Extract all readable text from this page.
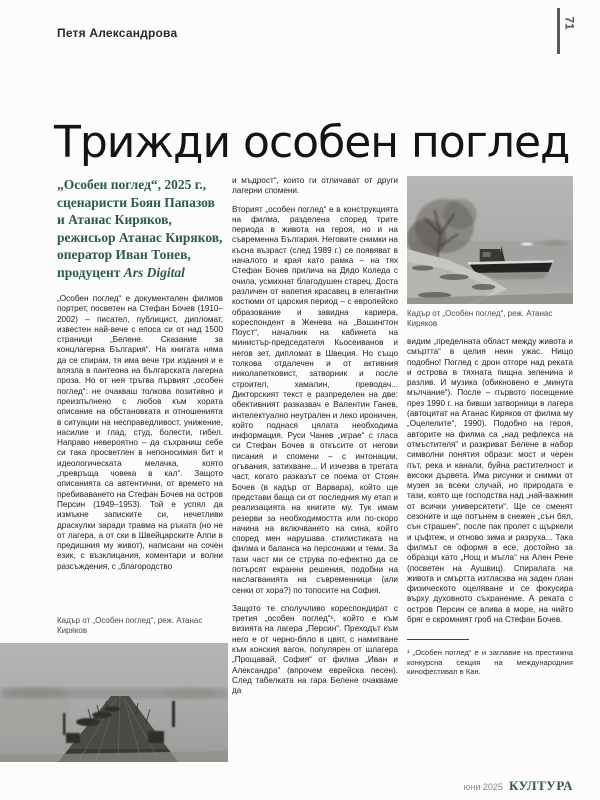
Петя Александрова
71
Трижди особен поглед

„Особен поглед“, 2025 г., сценаристи Боян Папазов и Атанас Киряков, режисьор Атанас Киряков, оператор Иван Тонев, продуцент Ars Digital

„Особен поглед“ е документален филмов портрет, посветен на Стефан Бочев (1910–2002) – писател, публицист, дипломат, известен най-вече с епоса си от над 1500 страници „Белене. Сказание за концлагерна България“. На книгата няма да се спирам, тя има вече три издания и е влязла в пантеона на българската лагерна проза. Но от нея тръгва първият „особен поглед“: не очакваш толкова позитивно и преизпълнено с любов към хората описание на обстановката и отношенията в ситуации на несправедливост, унижение, насилие и глад, студ, болести, гибел. Направо невероятно – да съхраниш себе си така просветлен в непоносимия бит и идеологическата мелачка, която „превръща човека в кал“. Защото описанията са автентични, от времето на пребиваването на Стефан Бочев на остров Персин (1949–1953). Той е успял да измъкне записките си, нечетливи драскулки заради травма на ръката (но не от лагера, а от ски в Швейцарските Алпи в предишния му живот), написани на сочен език, с възклицания, коментари и волни разсъждения, с „благородство

и мъдрост“, които ги отличават от други лагерни спомени.

Вторият „особен поглед“ е в конструкцията на филма, разделена според трите периода в живота на героя, но и на съвременна България. Неговите снимки на късна възраст (след 1989 г.) се появяват в началото и края като рамка – на тях Стефан Бочев прилича на Дядо Коледа с очила, усмихнат благодушен старец. Доста различен от напетия красавец в елегантни костюми от царския период – с европейско образование и завидна кариера, кореспондент в Женева на „Вашингтон Поуст“, началник на кабинета на министър-председателя Кьосеиванов и негов зет, дипломат в Швеция. Но също толкова отдалечен и от активния николапетковист, затворник и после строител, хамалин, преводач... Дикторският текст е разпределен на две: обективният разказвач е Валентин Ганев, интелектуално неутрален и леко ироничен, който поднася цялата необходима информация. Руси Чанев „играе“ с гласа си Стефан Бочев в откъсите от негови писания и спомени – с интонации, огъвания, затихване... И изчезва в третата част, когато разказът се поема от Стоян Бочев (в кадър от Варвара), който ще представи баща си от последния му етап и реализацията на книгите му. Тук имам резерви за необходимостта или по-скоро начина на включването на сина, който според мен нарушава стилистиката на филма и баланса на персонажи и теми. За тази част ми се струва по-ефектно да се потърсят екранни решения, подобни на наслагванията на съвременници (или сенки от хора?) по топосите на София.

Защото те сполучливо кореспондират с третия „особен поглед“¹, който е към визията на лагера „Персин“. Преходът към него е от черно-бяло в цвят, с намигване към конския вагон, популярен от шлагера „Прощавай, София“ от филма „Иван и Александра“ (впрочем еврейска песен). След табелката на гара Белене очакваме да

Кадър от „Особен поглед“, реж. Атанас Киряков

видим „пределната област между живота и смъртта“ в целия неин ужас. Нищо подобно! Поглед с дрон отгоре над реката и острова в тяхната пищна зеленина и разлив. И музика (обикновено е „минута мълчание“). После – първото посещение през 1990 г. на бивши затворници в лагера (автоцитат на Атанас Киряков от филма му „Оцелелите“, 1990). Подобно на героя, авторите на филма са „над рефлекса на отмъстителя“ и разкриват Белене в набор символни понятия образи: мост и черен път, река и канали, буйна растителност и високи дървета. Има рисунки и снимки от музея за всеки случай, но природата е тази, която ще господства над „най-важния от всички университети“. Ще се сменят сезоните и ще потънем в снежен „сън бял, сън страшен“, после пак пролет с щъркели и цъфтеж, и отново зима и разруха... Така филмът се оформя в есе, достойно за образци като „Нощ и мъгла“ на Ален Рене (посветен на Аушвиц). Спиралата на живота и смъртта изтласква на заден план физическото оцеляване и се фокусира върху духовното съхранение. А реката с остров Персин се влива в море, на чийто бряг е скромният гроб на Стефан Бочев.

¹ „Особен поглед“ е и заглавие на престижна конкурсна секция на международния кинофестивал в Кан.

Кадър от „Особен поглед“, реж. Атанас Киряков
юни 2025 КУЛТУРА
